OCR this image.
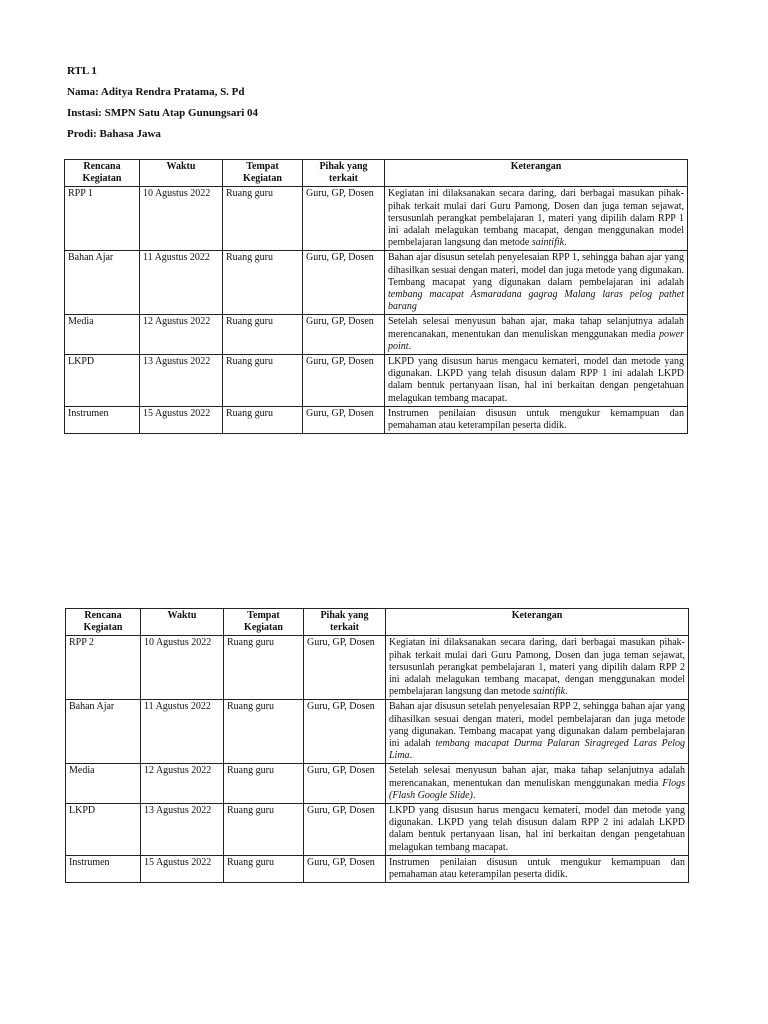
RTL 1
Nama: Aditya Rendra Pratama, S. Pd
Instasi: SMPN Satu Atap Gunungsari 04
Prodi: Bahasa Jawa
Rencana Kegiatan	Waktu	Tempat Kegiatan	Pihak yang terkait	Keterangan
RPP 1	10 Agustus 2022	Ruang guru	Guru, GP, Dosen	Kegiatan ini dilaksanakan secara daring, dari berbagai masukan pihak-pihak terkait mulai dari Guru Pamong, Dosen dan juga teman sejawat, tersusunlah perangkat pembelajaran 1, materi yang dipilih dalam RPP 1 ini adalah melagukan tembang macapat, dengan menggunakan model pembelajaran langsung dan metode saintifik.
Bahan Ajar	11 Agustus 2022	Ruang guru	Guru, GP, Dosen	Bahan ajar disusun setelah penyelesaian RPP 1, sehingga bahan ajar yang dihasilkan sesuai dengan materi, model dan juga metode yang digunakan. Tembang macapat yang digunakan dalam pembelajaran ini adalah tembang macapat Asmaradana gagrag Malang laras pelog pathet barang
Media	12 Agustus 2022	Ruang guru	Guru, GP, Dosen	Setelah selesai menyusun bahan ajar, maka tahap selanjutnya adalah merencanakan, menentukan dan menuliskan menggunakan media power point.
LKPD	13 Agustus 2022	Ruang guru	Guru, GP, Dosen	LKPD yang disusun harus mengacu kemateri, model dan metode yang digunakan. LKPD yang telah disusun dalam RPP 1 ini adalah LKPD dalam bentuk pertanyaan lisan, hal ini berkaitan dengan pengetahuan melagukan tembang macapat.
Instrumen	15 Agustus 2022	Ruang guru	Guru, GP, Dosen	Instrumen penilaian disusun untuk mengukur kemampuan dan pemahaman atau keterampilan peserta didik.
Rencana Kegiatan	Waktu	Tempat Kegiatan	Pihak yang terkait	Keterangan
RPP 2	10 Agustus 2022	Ruang guru	Guru, GP, Dosen	Kegiatan ini dilaksanakan secara daring, dari berbagai masukan pihak-pihak terkait mulai dari Guru Pamong, Dosen dan juga teman sejawat, tersusunlah perangkat pembelajaran 1, materi yang dipilih dalam RPP 2 ini adalah melagukan tembang macapat, dengan menggunakan model pembelajaran langsung dan metode saintifik.
Bahan Ajar	11 Agustus 2022	Ruang guru	Guru, GP, Dosen	Bahan ajar disusun setelah penyelesaian RPP 2, sehingga bahan ajar yang dihasilkan sesuai dengan materi, model pembelajaran dan juga metode yang digunakan. Tembang macapat yang digunakan dalam pembelajaran ini adalah tembang macapat Durma Palaran Siragreged Laras Pelog Lima.
Media	12 Agustus 2022	Ruang guru	Guru, GP, Dosen	Setelah selesai menyusun bahan ajar, maka tahap selanjutnya adalah merencanakan, menentukan dan menuliskan menggunakan media Flogs (Flash Google Slide).
LKPD	13 Agustus 2022	Ruang guru	Guru, GP, Dosen	LKPD yang disusun harus mengacu kemateri, model dan metode yang digunakan. LKPD yang telah disusun dalam RPP 2 ini adalah LKPD dalam bentuk pertanyaan lisan, hal ini berkaitan dengan pengetahuan melagukan tembang macapat.
Instrumen	15 Agustus 2022	Ruang guru	Guru, GP, Dosen	Instrumen penilaian disusun untuk mengukur kemampuan dan pemahaman atau keterampilan peserta didik.
